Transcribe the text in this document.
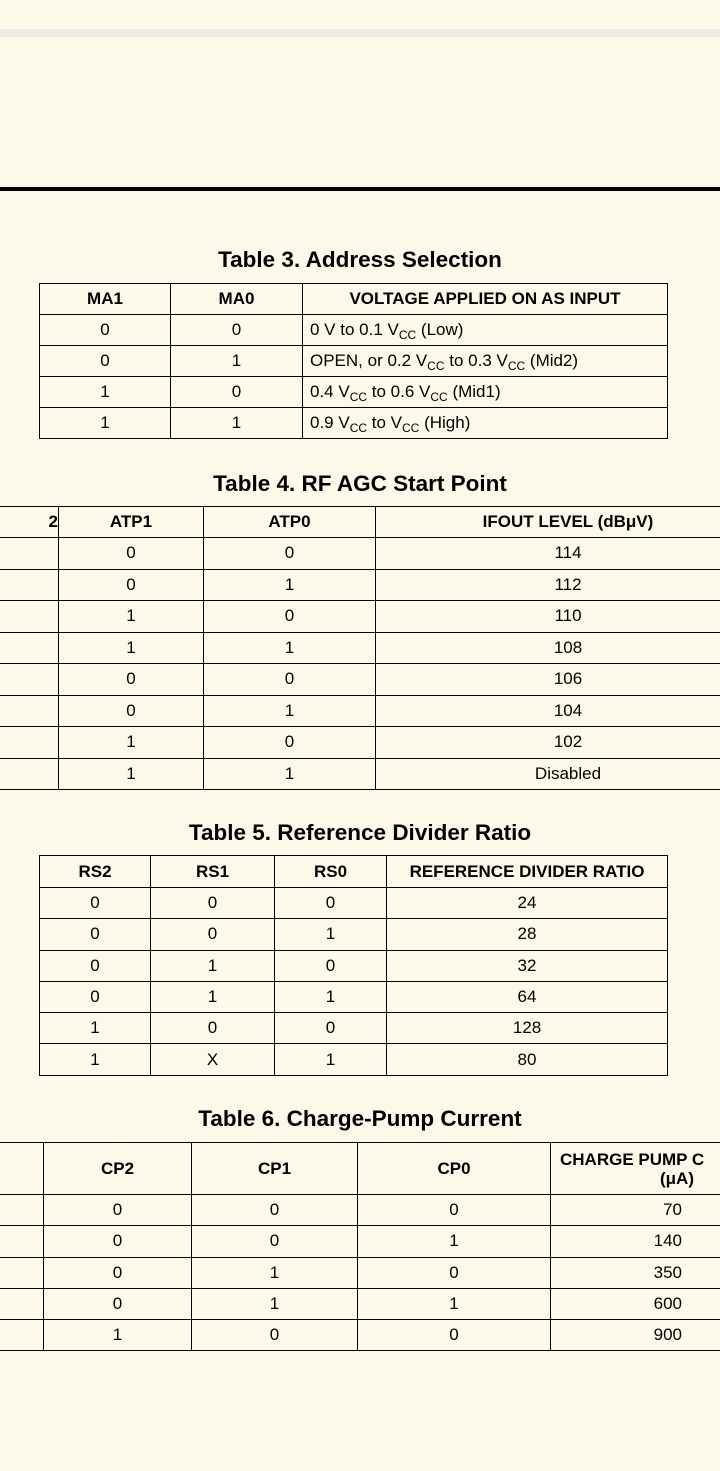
Table 3. Address Selection
MA1	MA0	VOLTAGE APPLIED ON AS INPUT
0	0	0 V to 0.1 $V_{CC}$ (Low)
0	1	OPEN, or 0.2 $V_{CC}$ to 0.3 $V_{CC}$ (Mid2)
1	0	0.4 $V_{CC}$ to 0.6 $V_{CC}$ (Mid1)
1	1	0.9 $V_{CC}$ to $V_{CC}$ (High)
Table 4. RF AGC Start Point
2	ATP1	ATP0	IFOUT LEVEL (dBμV)
	0	0	114
	0	1	112
	1	0	110
	1	1	108
	0	0	106
	0	1	104
	1	0	102
	1	1	Disabled
Table 5. Reference Divider Ratio
RS2	RS1	RS0	REFERENCE DIVIDER RATIO
0	0	0	24
0	0	1	28
0	1	0	32
0	1	1	64
1	0	0	128
1	X	1	80
Table 6. Charge-Pump Current
	CP2	CP1	CP0	CHARGE PUMP C
(μA)
	0	0	0	70
	0	0	1	140
	0	1	0	350
	0	1	1	600
	1	0	0	900
